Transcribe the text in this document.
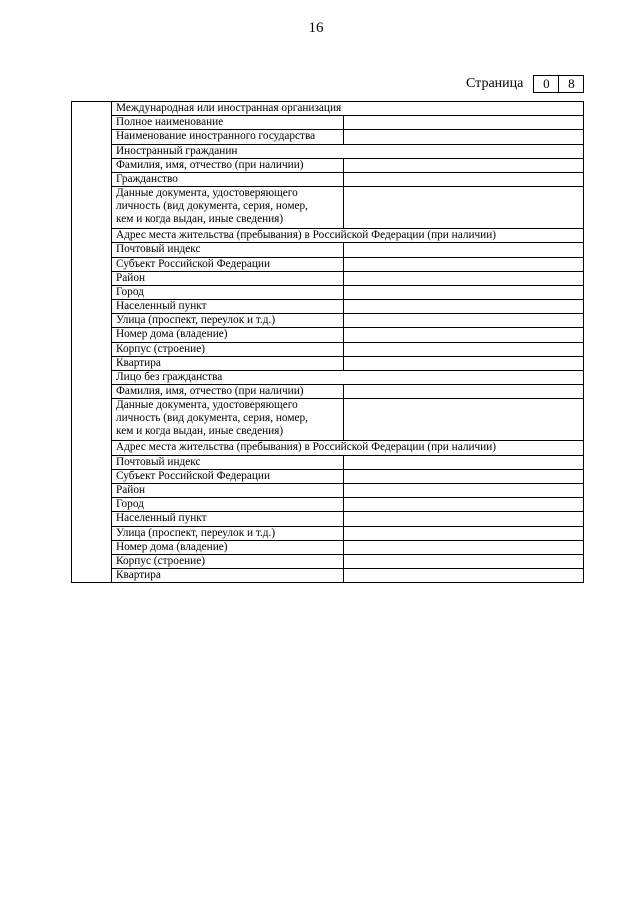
16
Страница	0	8
	Международная или иностранная организация	
	Полное наименование	
	Наименование иностранного государства	
	Иностранный гражданин	
	Фамилия, имя, отчество (при наличии)	
	Гражданство	

	Данные документа, удостоверяющего
личность (вид документа, серия, номер,
кем и когда выдан, иные сведения)	

	Адрес места жительства (пребывания) в Российской Федерации (при наличии)	
	Почтовый индекс	
	Субъект Российской Федерации	
	Район	
	Город	
	Населенный пункт	
	Улица (проспект, переулок и т.д.)	
	Номер дома (владение)	
	Корпус (строение)	
	Квартира	
	Лицо без гражданства	
	Фамилия, имя, отчество (при наличии)	

	Данные документа, удостоверяющего
личность (вид документа, серия, номер,
кем и когда выдан, иные сведения)	

	Адрес места жительства (пребывания) в Российской Федерации (при наличии)	
	Почтовый индекс	
	Субъект Российской Федерации	
	Район	
	Город	
	Населенный пункт	
	Улица (проспект, переулок и т.д.)	
	Номер дома (владение)	
	Корпус (строение)	
	Квартира	
